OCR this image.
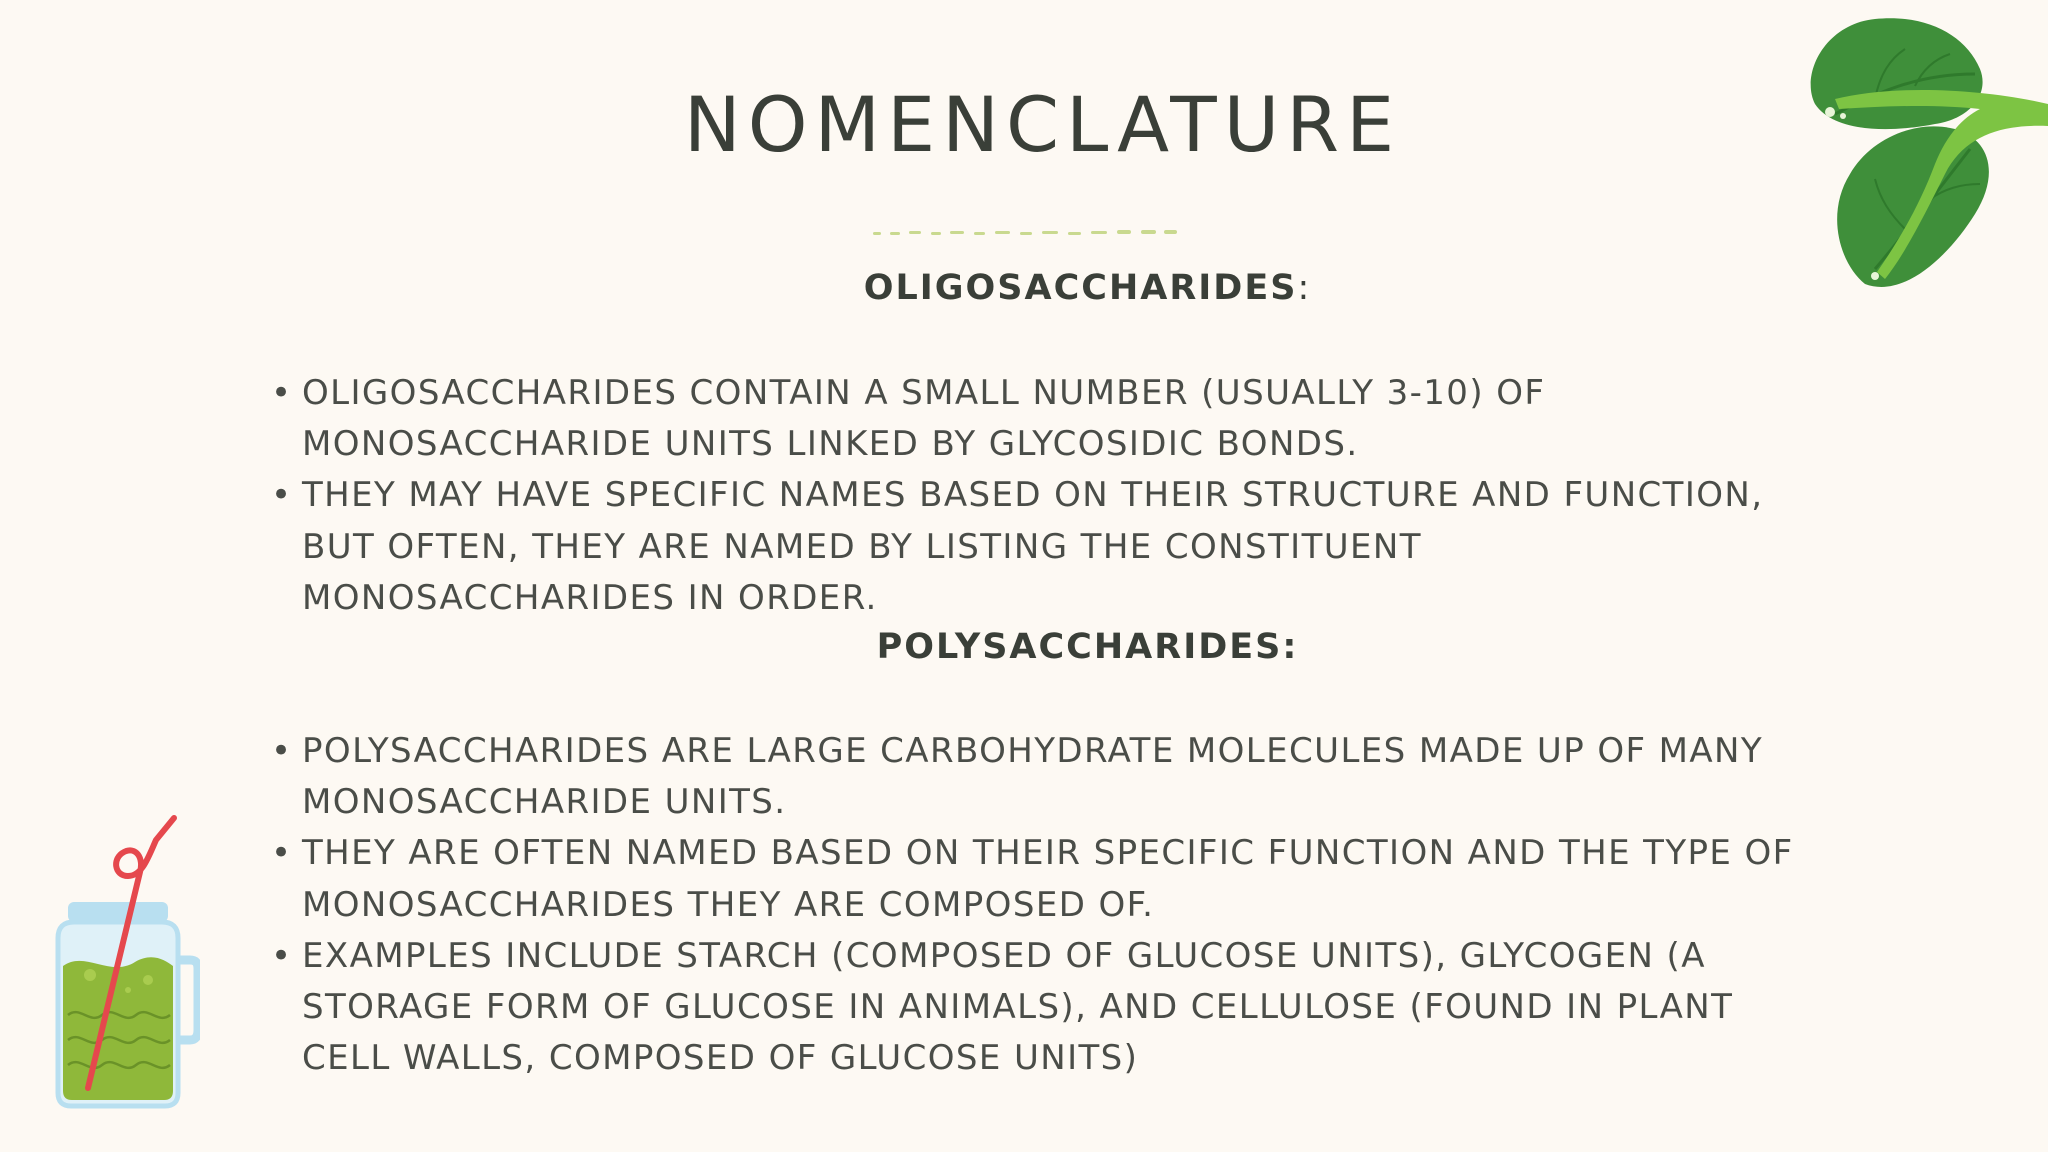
NOMENCLATURE
OLIGOSACCHARIDES:
• OLIGOSACCHARIDES CONTAIN A SMALL NUMBER (USUALLY 3-10) OF
MONOSACCHARIDE UNITS LINKED BY GLYCOSIDIC BONDS.
• THEY MAY HAVE SPECIFIC NAMES BASED ON THEIR STRUCTURE AND FUNCTION,
BUT OFTEN, THEY ARE NAMED BY LISTING THE CONSTITUENT
MONOSACCHARIDES IN ORDER.
POLYSACCHARIDES:
• POLYSACCHARIDES ARE LARGE CARBOHYDRATE MOLECULES MADE UP OF MANY
MONOSACCHARIDE UNITS.
• THEY ARE OFTEN NAMED BASED ON THEIR SPECIFIC FUNCTION AND THE TYPE OF
MONOSACCHARIDES THEY ARE COMPOSED OF.
• EXAMPLES INCLUDE STARCH (COMPOSED OF GLUCOSE UNITS), GLYCOGEN (A
STORAGE FORM OF GLUCOSE IN ANIMALS), AND CELLULOSE (FOUND IN PLANT
CELL WALLS, COMPOSED OF GLUCOSE UNITS)
